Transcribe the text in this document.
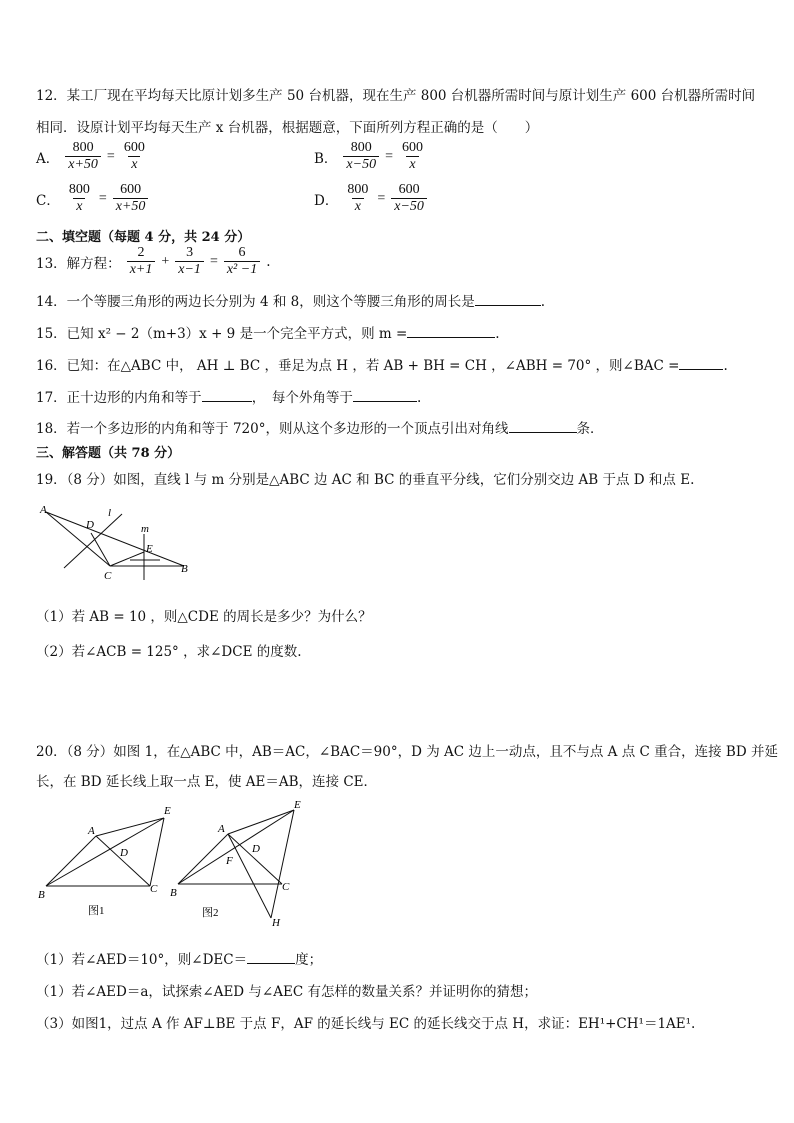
12．某工厂现在平均每天比原计划多生产 50 台机器，现在生产 800 台机器所需时间与原计划生产 600 台机器所需时间
相同．设原计划平均每天生产 x 台机器，根据题意，下面所列方程正确的是（　　）
A． $\frac{800}{x+50} = \frac{600}{x}$	B． $\frac{800}{x-50} = \frac{600}{x}$
C． $\frac{800}{x} = \frac{600}{x+50}$	D． $\frac{800}{x} = \frac{600}{x-50}$
二、填空题（每题 4 分，共 24 分）
13．解方程： $\frac{2}{x+1} + \frac{3}{x-1} = \frac{6}{\text{x² −1}}$ .
14．一个等腰三角形的两边长分别为 4 和 8，则这个等腰三角形的周长是	.
15．已知 x² − 2（m+3）x + 9 是一个完全平方式，则 m =	.
16．已知：在△ABC 中， AH ⊥ BC ，垂足为点 H ，若 AB + BH = CH ，∠ABH = 70° ，则∠BAC =	.
17．正十边形的内角和等于	，　每个外角等于	.
18．若一个多边形的内角和等于 720°，则从这个多边形的一个顶点引出对角线	条．
三、解答题（共 78 分）
19．（8 分）如图，直线 l 与 m 分别是△ABC 边 AC 和 BC 的垂直平分线，它们分别交边 AB 于点 D 和点 E.
A
D
l
m
E
C
B
（1）若 AB = 10 ，则△CDE 的周长是多少？为什么？
（2）若∠ACB = 125° ，求∠DCE 的度数.
20．（8 分）如图 1，在△ABC 中，AB＝AC，∠BAC＝90°，D 为 AC 边上一动点，且不与点 A 点 C 重合，连接 BD 并延
长，在 BD 延长线上取一点 E，使 AE＝AB，连接 CE．
A
E
D
B	C
图1
A
E
D
F
B	C
H
图2
（1）若∠AED＝10°，则∠DEC＝	度；
（1）若∠AED＝a，试探索∠AED 与∠AEC 有怎样的数量关系？并证明你的猜想；
（3）如图1，过点 A 作 AF⊥BE 于点 F，AF 的延长线与 EC 的延长线交于点 H，求证：EH¹+CH¹＝1AE¹.
